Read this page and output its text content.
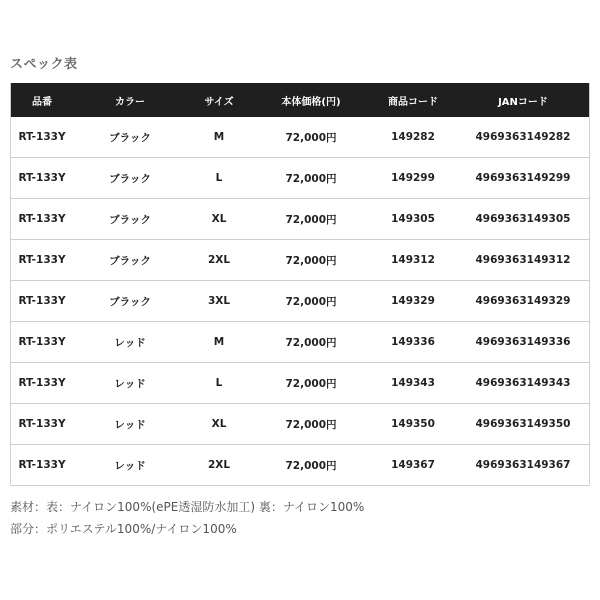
スペック表
品番	カラー	サイズ	本体価格(円)	商品コード	JANコード
RT-133Y	ブラック	M	72,000円	149282	4969363149282
RT-133Y	ブラック	L	72,000円	149299	4969363149299
RT-133Y	ブラック	XL	72,000円	149305	4969363149305
RT-133Y	ブラック	2XL	72,000円	149312	4969363149312
RT-133Y	ブラック	3XL	72,000円	149329	4969363149329
RT-133Y	レッド	M	72,000円	149336	4969363149336
RT-133Y	レッド	L	72,000円	149343	4969363149343
RT-133Y	レッド	XL	72,000円	149350	4969363149350
RT-133Y	レッド	2XL	72,000円	149367	4969363149367
素材：表：ナイロン100%(ePE透湿防水加工) 裏：ナイロン100%
部分：ポリエステル100%/ナイロン100%
